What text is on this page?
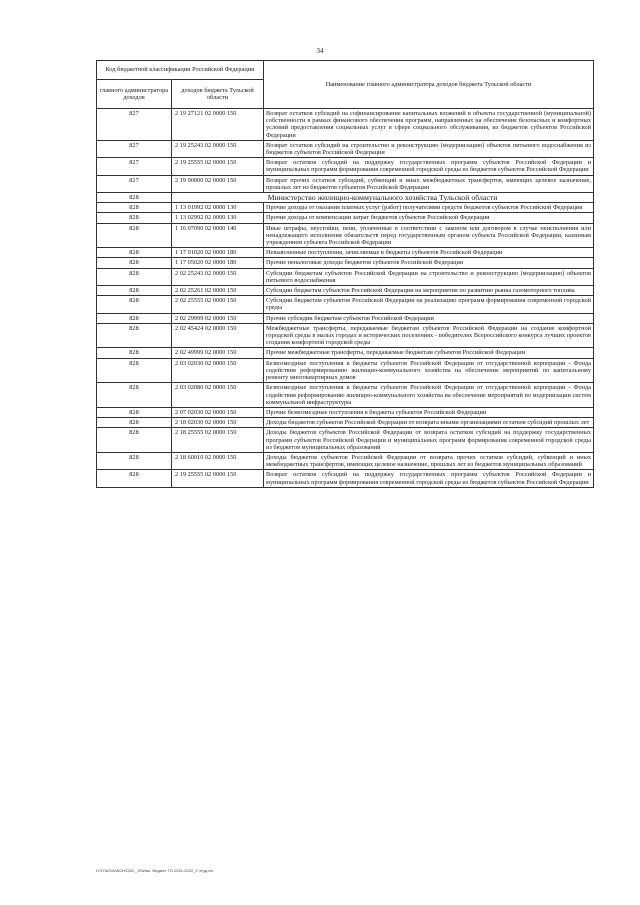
34
Код бюджетной классификации Российской Федерации		Наименование главного администратора доходов бюджета Тульской области
главного администратора доходов	доходов бюджета Тульской области	
827	2 19 27121 02 0000 150	Возврат остатков субсидий на софинансирование капитальных вложений в объекты государственной (муниципальной) собственности в рамках финансового обеспечения программ, направленных на обеспечение безопасных и комфортных условий предоставления социальных услуг в сфере социального обслуживания, из бюджетов субъектов Российской Федерации
827	2 19 25243 02 0000 150	Возврат остатков субсидий на строительство и реконструкцию (модернизацию) объектов питьевого водоснабжения из бюджетов субъектов Российской Федерации
827	2 19 25555 02 0000 150	Возврат остатков субсидий на поддержку государственных программ субъектов Российской Федерации и муниципальных программ формирования современной городской среды из бюджетов субъектов Российской Федерации
827	2 19 90000 02 0000 150	Возврат прочих остатков субсидий, субвенций и иных межбюджетных трансфертов, имеющих целевое назначение, прошлых лет из бюджетов субъектов Российской Федерации
828	Министерство жилищно-коммунального хозяйства Тульской области	
828	1 13 01992 02 0000 130	Прочие доходы от оказания платных услуг (работ) получателями средств бюджетов субъектов Российской Федерации
828	1 13 02992 02 0000 130	Прочие доходы от компенсации затрат бюджетов субъектов Российской Федерации
828	1 16 07090 02 0000 140	Иные штрафы, неустойки, пени, уплаченные в соответствии с законом или договором в случае неисполнения или ненадлежащего исполнения обязательств перед государственным органом субъекта Российской Федерации, казенным учреждением субъекта Российской Федерации
828	1 17 01020 02 0000 180	Невыясненные поступления, зачисляемые в бюджеты субъектов Российской Федерации
828	1 17 05020 02 0000 180	Прочие неналоговые доходы бюджетов субъектов Российской Федерации
828	2 02 25243 02 0000 150	Субсидии бюджетам субъектов Российской Федерации на строительство и реконструкцию (модернизацию) объектов питьевого водоснабжения
828	2 02 25261 02 0000 150	Субсидии бюджетам субъектов Российской Федерации на мероприятия по развитию рынка газомоторного топлива
828	2 02 25555 02 0000 150	Субсидии бюджетам субъектов Российской Федерации на реализацию программ формирования современной городской среды
828	2 02 29999 02 0000 150	Прочие субсидии бюджетам субъектов Российской Федерации
828	2 02 45424 02 0000 150	Межбюджетные трансферты, передаваемые бюджетам субъектов Российской Федерации на создание комфортной городской среды в малых городах и исторических поселениях - победителях Всероссийского конкурса лучших проектов создания комфортной городской среды
828	2 02 49999 02 0000 150	Прочие межбюджетные трансферты, передаваемые бюджетам субъектов Российской Федерации
828	2 03 02030 02 0000 150	Безвозмездные поступления в бюджеты субъектов Российской Федерации от государственной корпорации - Фонда содействия реформированию жилищно-коммунального хозяйства на обеспечение мероприятий по капитальному ремонту многоквартирных домов
828	2 03 02080 02 0000 150	Безвозмездные поступления в бюджеты субъектов Российской Федерации от государственной корпорации - Фонда содействия реформированию жилищно-коммунального хозяйства на обеспечение мероприятий по модернизации систем коммунальной инфраструктуры
828	2 07 02030 02 0000 150	Прочие безвозмездные поступления в бюджеты субъектов Российской Федерации
828	2 18 02030 02 0000 150	Доходы бюджетов субъектов Российской Федерации от возврата иными организациями остатков субсидий прошлых лет
828	2 18 25555 02 0000 150	Доходы бюджетов субъектов Российской Федерации от возврата остатков субсидий на поддержку государственных программ субъектов Российской Федерации и муниципальных программ формирования современной городской среды из бюджетов муниципальных образований
828	2 18 60010 02 0000 150	Доходы бюджетов субъектов Российской Федерации от возврата прочих остатков субсидий, субвенций и иных межбюджетных трансфертов, имеющих целевое назначение, прошлых лет из бюджетов муниципальных образований
828	2 19 25555 02 0000 150	Возврат остатков субсидий на поддержку государственных программ субъектов Российской Федерации и муниципальных программ формирования современной городской среды из бюджетов субъектов Российской Федерации
D:\ГЛАЗ\ЗАКОН\ОАС_19\Изм. бюджет ТО 2021-2022_2 чтрд.xls
